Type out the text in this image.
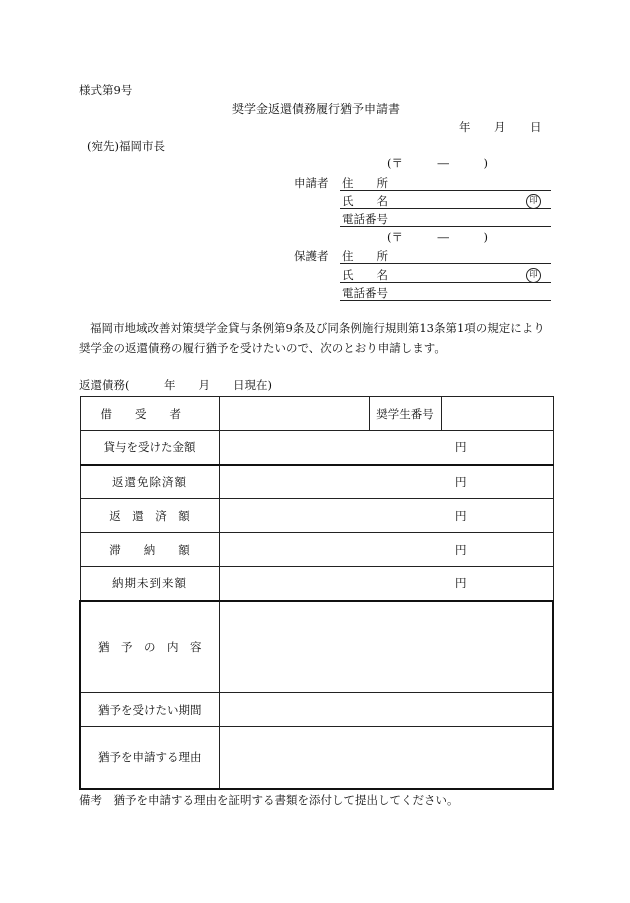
様式第9号
奨学金返還債務履行猶予申請書
年 月 日
(宛先)福岡市長
(〒　　　―　　　)
申請者 住　　所
氏　　名	印
電話番号
(〒　　　―　　　)
保護者 住　　所
氏　　名	印
電話番号
福岡市地域改善対策奨学金貸与条例第9条及び同条例施行規則第13条第1項の規定により
奨学金の返還債務の履行猶予を受けたいので、次のとおり申請します。
返還債務(　　　年　　月　　日現在)
借　　受　　者		奨学生番号	
貸与を受けた金額	円		
返還免除済額	円		
返　還　済　額	円		
滞　　納　　額	円		
納期未到来額	円		
猶　予　の　内　容			
猶予を受けたい期間			
猶予を申請する理由			
備考　猶予を申請する理由を証明する書類を添付して提出してください。
